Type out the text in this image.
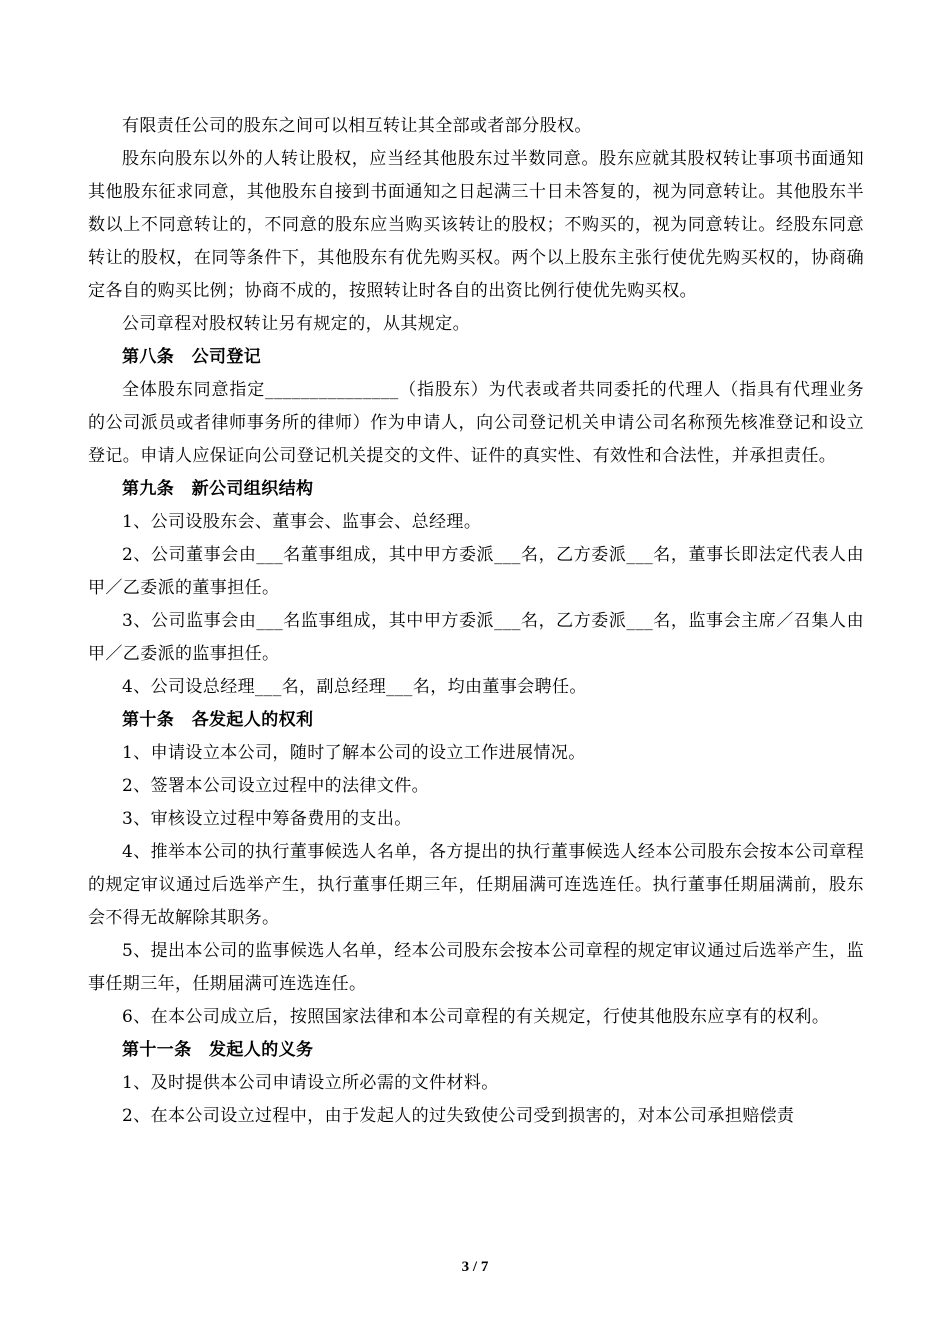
有限责任公司的股东之间可以相互转让其全部或者部分股权。

股东向股东以外的人转让股权，应当经其他股东过半数同意。股东应就其股权转让事项书面通知其他股东征求同意，其他股东自接到书面通知之日起满三十日未答复的，视为同意转让。其他股东半数以上不同意转让的，不同意的股东应当购买该转让的股权；不购买的，视为同意转让。经股东同意转让的股权，在同等条件下，其他股东有优先购买权。两个以上股东主张行使优先购买权的，协商确定各自的购买比例；协商不成的，按照转让时各自的出资比例行使优先购买权。

公司章程对股权转让另有规定的，从其规定。

第八条　公司登记

全体股东同意指定_______________（指股东）为代表或者共同委托的代理人（指具有代理业务的公司派员或者律师事务所的律师）作为申请人，向公司登记机关申请公司名称预先核准登记和设立登记。申请人应保证向公司登记机关提交的文件、证件的真实性、有效性和合法性，并承担责任。

第九条　新公司组织结构

1、公司设股东会、董事会、监事会、总经理。

2、公司董事会由___名董事组成，其中甲方委派___名，乙方委派___名，董事长即法定代表人由甲／乙委派的董事担任。

3、公司监事会由___名监事组成，其中甲方委派___名，乙方委派___名，监事会主席／召集人由甲／乙委派的监事担任。

4、公司设总经理___名，副总经理___名，均由董事会聘任。

第十条　各发起人的权利

1、申请设立本公司，随时了解本公司的设立工作进展情况。

2、签署本公司设立过程中的法律文件。

3、审核设立过程中筹备费用的支出。

4、推举本公司的执行董事候选人名单，各方提出的执行董事候选人经本公司股东会按本公司章程的规定审议通过后选举产生，执行董事任期三年，任期届满可连选连任。执行董事任期届满前，股东会不得无故解除其职务。

5、提出本公司的监事候选人名单，经本公司股东会按本公司章程的规定审议通过后选举产生，监事任期三年，任期届满可连选连任。

6、在本公司成立后，按照国家法律和本公司章程的有关规定，行使其他股东应享有的权利。

第十一条　发起人的义务

1、及时提供本公司申请设立所必需的文件材料。

2、在本公司设立过程中，由于发起人的过失致使公司受到损害的，对本公司承担赔偿责

3 / 7
